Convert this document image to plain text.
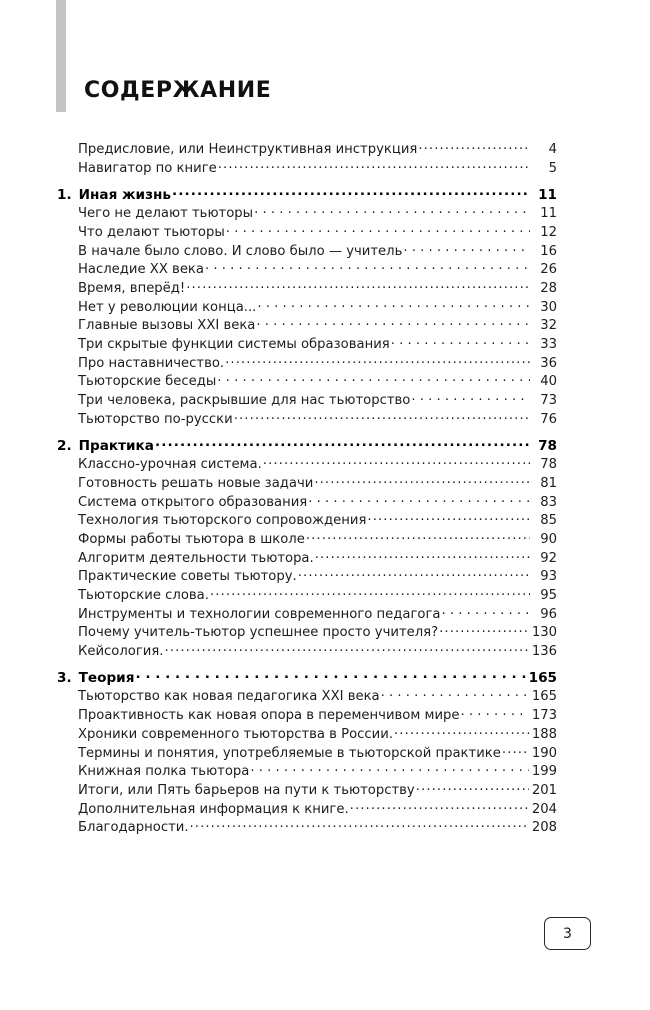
СОДЕРЖАНИЕ
Предисловие, или Неинструктивная инструкция .....	4
Навигатор по книге .....	5
1. Иная жизнь .....	11
Чего не делают тьюторы . . .	11
Что делают тьюторы . . .	12
В начале было слово. И слово было — учитель . . .	16
Наследие XX века . . .	26
Время, вперёд! .....	28
Нет у революции конца... . . .	30
Главные вызовы XXI века . . .	32
Три скрытые функции системы образования . . .	33
Про наставничество. .....	36
Тьюторские беседы . . .	40
Три человека, раскрывшие для нас тьюторство . . .	73
Тьюторство по-русски .....	76
2. Практика .....	78
Классно-урочная система. .....	78
Готовность решать новые задачи .....	81
Система открытого образования . . .	83
Технология тьюторского сопровождения .....	85
Формы работы тьютора в школе .....	90
Алгоритм деятельности тьютора. .....	92
Практические советы тьютору. .....	93
Тьюторские слова. .....	95
Инструменты и технологии современного педагога . . .	96
Почему учитель-тьютор успешнее просто учителя? .....	130
Кейсология. .....	136
3. Теория . . .	165
Тьюторство как новая педагогика XXI века . . .	165
Проактивность как новая опора в переменчивом мире . . .	173
Хроники современного тьюторства в России. .....	188
Термины и понятия, употребляемые в тьюторской практике ..... 190
Книжная полка тьютора . . .	199
Итоги, или Пять барьеров на пути к тьюторству .....	201
Дополнительная информация к книге. .....	204
Благодарности. .....	208
3
